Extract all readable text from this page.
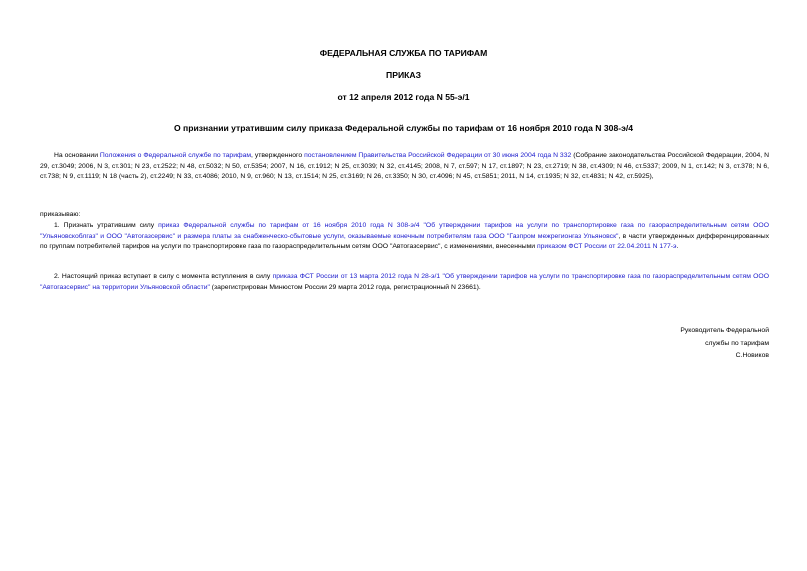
ФЕДЕРАЛЬНАЯ СЛУЖБА ПО ТАРИФАМ
ПРИКАЗ
от 12 апреля 2012 года N 55-э/1
О признании утратившим силу приказа Федеральной службы по тарифам от 16 ноября 2010 года N 308-э/4
На основании Положения о Федеральной службе по тарифам, утвержденного постановлением Правительства Российской Федерации от 30 июня 2004 года N 332 (Собрание законодательства Российской Федерации, 2004, N 29, ст.3049; 2006, N 3, ст.301; N 23, ст.2522; N 48, ст.5032; N 50, ст.5354; 2007, N 16, ст.1912; N 25, ст.3039; N 32, ст.4145; 2008, N 7, ст.597; N 17, ст.1897; N 23, ст.2719; N 38, ст.4309; N 46, ст.5337; 2009, N 1, ст.142; N 3, ст.378; N 6, ст.738; N 9, ст.1119; N 18 (часть 2), ст.2249; N 33, ст.4086; 2010, N 9, ст.960; N 13, ст.1514; N 25, ст.3169; N 26, ст.3350; N 30, ст.4096; N 45, ст.5851; 2011, N 14, ст.1935; N 32, ст.4831; N 42, ст.5925),
приказываю:
1. Признать утратившим силу приказ Федеральной службы по тарифам от 16 ноября 2010 года N 308-э/4 "Об утверждении тарифов на услуги по транспортировке газа по газораспределительным сетям ООО "Ульяновскоблгаз" и ООО "Автогазсервис" и размера платы за снабженческо-сбытовые услуги, оказываемые конечным потребителям газа ООО "Газпром межрегионгаз Ульяновск", в части утвержденных дифференцированных по группам потребителей тарифов на услуги по транспортировке газа по газораспределительным сетям ООО "Автогазсервис", с изменениями, внесенными приказом ФСТ России от 22.04.2011 N 177-э.
2. Настоящий приказ вступает в силу с момента вступления в силу приказа ФСТ России от 13 марта 2012 года N 28-э/1 "Об утверждении тарифов на услуги по транспортировке газа по газораспределительным сетям ООО "Автогазсервис" на территории Ульяновской области" (зарегистрирован Минюстом России 29 марта 2012 года, регистрационный N 23661).
Руководитель Федеральной
службы по тарифам
С.Новиков
